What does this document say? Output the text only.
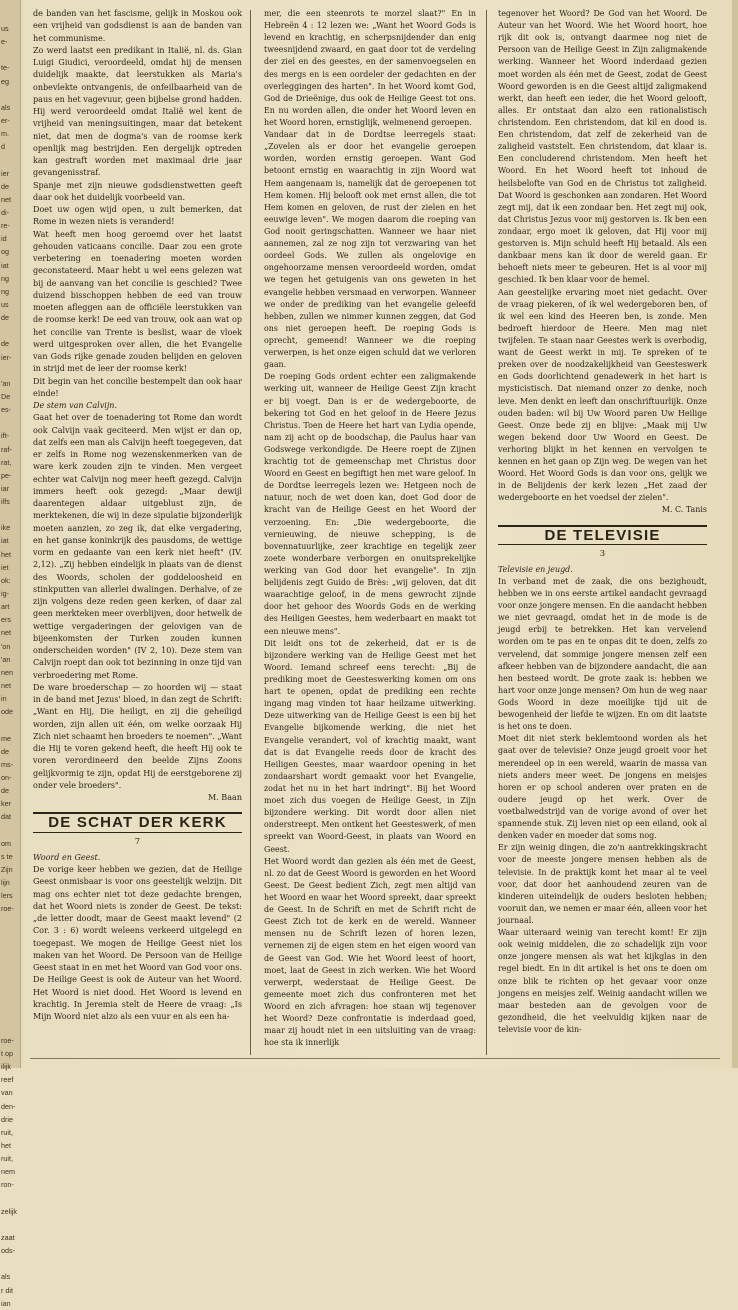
us
e-
te-
eg
als
er-
m.
d
ier
de
net
di-
re-
id
og
iat
ng
ng
us
de
de
ier-
'an
De
es-
ift-
raf-
rat,
pe-
iar
ilfs
ike
iat
het
iet
ok:
ig-
art
ers
net
'on
'an
nen
net
in
ode
me
de
ms-
on-
de
ker
dat
om
s te
Zijn
lijn
lers
roe-
roe-
t op
ilijk
reef
van
den-
drie
ruit,
het
ruit,
nem
ron-
zelijk
zaat
ods-
als
r dit
ian

de banden van het fascisme, gelijk in Moskou ook een vrijheid van godsdienst is aan de banden van het communisme.

Zo werd laatst een predikant in Italië, nl. ds. Gian Luigi Giudici, veroordeeld, omdat hij de mensen duidelijk maakte, dat leerstukken als Maria's onbevlekte ontvangenis, de onfeilbaarheid van de paus en het vagevuur, geen bijbelse grond hadden. Hij werd veroordeeld omdat Italië wel kent de vrijheid van meningsuitingen, maar dat betekent niet, dat men de dogma's van de roomse kerk openlijk mag bestrijden. Een dergelijk optreden kan gestraft worden met maximaal drie jaar gevangenisstraf.

Spanje met zijn nieuwe godsdienstwetten geeft daar ook het duidelijk voorbeeld van.

Doet uw ogen wijd open, u zult bemerken, dat Rome in wezen niets is veranderd!

Wat heeft men hoog geroemd over het laatst gehouden vaticaans concilie. Daar zou een grote verbetering en toenadering moeten worden geconstateerd. Maar hebt u wel eens gelezen wat bij de aanvang van het concilie is geschied? Twee duizend bisschoppen hebben de eed van trouw moeten afleggen aan de officiële leerstukken van de roomse kerk! De eed van trouw, ook aan wat op het concilie van Trente is beslist, waar de vloek werd uitgesproken over allen, die het Evangelie van Gods rijke genade zouden belijden en geloven in strijd met de leer der roomse kerk!

Dit begin van het concilie bestempelt dan ook haar einde!

De stem van Calvijn.

Gaat het over de toenadering tot Rome dan wordt ook Calvijn vaak geciteerd. Men wijst er dan op, dat zelfs een man als Calvijn heeft toegegeven, dat er zelfs in Rome nog wezenskenmerken van de ware kerk zouden zijn te vinden. Men vergeet echter wat Calvijn nog meer heeft gezegd. Calvijn immers heeft ook gezegd: „Maar dewijl daarentegen aldaar uitgeblust zijn, de merktekenen, die wij in deze sipulatie bijzonderlijk moeten aanzien, zo zeg ik, dat elke vergadering, en het ganse koninkrijk des pausdoms, de wettige vorm en gedaante van een kerk niet heeft" (IV. 2,12). „Zij hebben eindelijk in plaats van de dienst des Woords, scholen der goddeloosheid en stinkputten van allerlei dwalingen. Derhalve, of ze zijn volgens deze reden geen kerken, of daar zal geen merkteken meer overblijven, door hetwelk de wettige vergaderingen der gelovigen van de bijeenkomsten der Turken zouden kunnen onderscheiden worden" (IV 2, 10). Deze stem van Calvijn roept dan ook tot bezinning in onze tijd van verbroedering met Rome.

De ware broederschap — zo hoorden wij — staat in de band met Jezus' bloed, in dan zegt de Schrift: „Want en Hij, Die heiligt, en zij die geheiligd worden, zijn allen uit één, om welke oorzaak Hij Zich niet schaamt hen broeders te noemen". „Want die Hij te voren gekend heeft, die heeft Hij ook te voren verordineerd den beelde Zijns Zoons gelijkvormig te zijn, opdat Hij de eerstgeborene zij onder vele broeders".

M. Baan

DE SCHAT DER KERK
7

Woord en Geest.

De vorige keer hebben we gezien, dat de Heilige Geest onmisbaar is voor ons geestelijk welzijn. Dit mag ons echter niet tot deze gedachte brengen, dat het Woord niets is zonder de Geest. De tekst: „de letter doodt, maar de Geest maakt levend" (2 Cor. 3 : 6) wordt weleens verkeerd uitgelegd en toegepast. We mogen de Heilige Geest niet los maken van het Woord. De Persoon van de Heilige Geest staat in en met het Woord van God voor ons. De Heilige Geest is ook de Auteur van het Woord. Het Woord is niet dood. Het Woord is levend en krachtig. In Jeremia stelt de Heere de vraag: „Is Mijn Woord niet alzo als een vuur en als een ha-

mer, die een steenrots te morzel slaat?" En in Hebreën 4 : 12 lezen we: „Want het Woord Gods is levend en krachtig, en scherpsnijdender dan enig tweesnijdend zwaard, en gaat door tot de verdeling der ziel en des geestes, en der samenvoegselen en des mergs en is een oordeler der gedachten en der overleggingen des harten". In het Woord komt God, God de Drieënige, dus ook de Heilige Geest tot ons. En nu worden allen, die onder het Woord leven en het Woord horen, ernstiglijk, welmenend geroepen.

Vandaar dat in de Dordtse leerregels staat: „Zovelen als er door het evangelie geroepen worden, worden ernstig geroepen. Want God betoont ernstig en waarachtig in zijn Woord wat Hem aangenaam is, namelijk dat de geroepenen tot Hem komen. Hij belooft ook met ernst allen, die tot Hem komen en geloven, de rust der zielen en het eeuwige leven". We mogen daarom die roeping van God nooit geringschatten. Wanneer we haar niet aannemen, zal ze nog zijn tot verzwaring van het oordeel Gods. We zullen als ongelovige en ongehoorzame mensen veroordeeld worden, omdat we tegen het getuigenis van ons geweten in het evangelie hebben versmaad en verworpen. Wanneer we onder de prediking van het evangelie geleefd hebben, zullen we nimmer kunnen zeggen, dat God ons niet geroepen heeft. De roeping Gods is oprecht, gemeend! Wanneer we die roeping verwerpen, is het onze eigen schuld dat we verloren gaan.

De roeping Gods ordent echter een zaligmakende werking uit, wanneer de Heilige Geest Zijn kracht er bij voegt. Dan is er de wedergeboorte, de bekering tot God en het geloof in de Heere Jezus Christus. Toen de Heere het hart van Lydia opende, nam zij acht op de boodschap, die Paulus haar van Godswege verkondigde. De Heere roept de Zijnen krachtig tot de gemeenschap met Christus door Woord en Geest en begiftigt hen met ware geloof. In de Dordtse leerregels lezen we: Hetgeen noch de natuur, noch de wet doen kan, doet God door de kracht van de Heilige Geest en het Woord der verzoening. En: „Die wedergeboorte, die vernieuwing, de nieuwe schepping, is de bovennatuurlijke, zeer krachtige en tegelijk zeer zoete wonderbare verborgen en onuitsprekelijke werking van God door het evangelie". In zijn belijdenis zegt Guido de Brès: „wij geloven, dat dit waarachtige geloof, in de mens gewrocht zijnde door het gehoor des Woords Gods en de werking des Heiligen Geestes, hem wederbaart en maakt tot een nieuwe mens".

Dit leidt ons tot de zekerheid, dat er is de bijzondere werking van de Heilige Geest met het Woord. Iemand schreef eens terecht: „Bij de prediking moet de Geesteswerking komen om ons hart te openen, opdat de prediking een rechte ingang mag vinden tot haar heilzame uitwerking. Deze uitwerking van de Heilige Geest is een bij het Evangelie bijkomende werking, die niet het Evangelie verandert, vol of krachtig maakt, want dat is dat Evangelie reeds door de kracht des Heiligen Geestes, maar waardoor opening in het zondaarshart wordt gemaakt voor het Evangelie, zodat het nu in het hart indringt". Bij het Woord moet zich dus voegen de Heilige Geest, in Zijn bijzondere werking. Dit wordt door allen niet onderstreept. Men ontkent het Geesteswerk, of men spreekt van Woord-Geest, in plaats van Woord en Geest.

Het Woord wordt dan gezien als één met de Geest, nl. zo dat de Geest Woord is geworden en het Woord Geest. De Geest bedient Zich, zegt men altijd van het Woord en waar het Woord spreekt, daar spreekt de Geest. In de Schrift en met de Schrift richt de Geest Zich tot de kerk en de wereld. Wanneer mensen nu de Schrift lezen of horen lezen, vernemen zij de eigen stem en het eigen woord van de Geest van God. Wie het Woord leest of hoort, moet, laat de Geest in zich werken. Wie het Woord verwerpt, wederstaat de Heilige Geest. De gemeente moet zich dus confronteren met het Woord en zich afvragen: hoe staan wij tegenover het Woord? Deze confrontatie is inderdaad goed, maar zij houdt niet in een uitsluiting van de vraag: hoe sta ik innerlijk

tegenover het Woord? De God van het Woord. De Auteur van het Woord. Wie het Woord hoort, hoe rijk dit ook is, ontvangt daarmee nog niet de Persoon van de Heilige Geest in Zijn zaligmakende werking. Wanneer het Woord inderdaad gezien moet worden als één met de Geest, zodat de Geest Woord geworden is en die Geest altijd zaligmakend werkt, dan heeft een ieder, die het Woord gelooft, alles. Er ontstaat dan alzo een rationalistisch christendom. Een christendom, dat kil en dood is. Een christendom, dat zelf de zekerheid van de zaligheid vaststelt. Een christendom, dat klaar is. Een concluderend christendom. Men heeft het Woord. En het Woord heeft tot inhoud de heilsbelofte van God en de Christus tot zaligheid. Dat Woord is geschonken aan zondaren. Het Woord zegt mij, dat ik een zondaar ben. Het zegt mij ook, dat Christus Jezus voor mij gestorven is. Ik ben een zondaar, ergo moet ik geloven, dat Hij voor mij gestorven is. Mijn schuld heeft Hij betaald. Als een dankbaar mens kan ik door de wereld gaan. Er behoeft niets meer te gebeuren. Het is al voor mij geschied. Ik ben klaar voor de hemel.

Aan geestelijke ervaring moet niet gedacht. Over de vraag piekeren, of ik wel wedergeboren ben, of ik wel een kind des Heeren ben, is zonde. Men bedroeft hierdoor de Heere. Men mag niet twijfelen. Te staan naar Geestes werk is overbodig, want de Geest werkt in mij. Te spreken of te preken over de noodzakelijkheid van Geesteswerk en Gods doorlichtend genadewerk in het hart is mysticistisch. Dat niemand onzer zo denke, noch leve. Men denkt en leeft dan onschriftuurlijk. Onze ouden baden: wil bij Uw Woord paren Uw Heilige Geest. Onze bede zij en blijve: „Maak mij Uw wegen bekend door Uw Woord en Geest. De verhoring blijkt in het kennen en vervolgen te kennen en het gaan op Zijn weg. De wegen van het Woord. Het Woord Gods is dan voor ons, gelijk we in de Belijdenis der kerk lezen „Het zaad der wedergeboorte en het voedsel der zielen".

M. C. Tanis

DE TELEVISIE
3

Televisie en jeugd.

In verband met de zaak, die ons bezighoudt, hebben we in ons eerste artikel aandacht gevraagd voor onze jongere mensen. En die aandacht hebben we niet gevraagd, omdat het in de mode is de jeugd erbij te betrekken. Het kan vervelend worden om te pas en te onpas dit te doen, zelfs zo vervelend, dat sommige jongere mensen zelf een afkeer hebben van de bijzondere aandacht, die aan hen besteed wordt. De grote zaak is: hebben we hart voor onze jonge mensen? Om hun de weg naar Gods Woord in deze moeilijke tijd uit de bewogenheid der liefde te wijzen. En om dit laatste is het ons te doen.

Moet dit niet sterk beklemtoond worden als het gaat over de televisie? Onze jeugd groeit voor het merendeel op in een wereld, waarin de massa van niets anders meer weet. De jongens en meisjes horen er op school anderen over praten en de oudere jeugd op het werk. Over de voetbalwedstrijd van de vorige avond of over het spannende stuk. Zij leven niet op een eiland, ook al denken vader en moeder dat soms nog.

Er zijn weinig dingen, die zo'n aantrekkingskracht voor de meeste jongere mensen hebben als de televisie. In de praktijk komt het maar al te veel voor, dat door het aanhoudend zeuren van de kinderen uiteindelijk de ouders besloten hebben; vooruit dan, we nemen er maar één, alleen voor het journaal.

Waar uiteraard weinig van terecht komt! Er zijn ook weinig middelen, die zo schadelijk zijn voor onze jongere mensen als wat het kijkglas in den regel biedt. En in dit artikel is het ons te doen om onze blik te richten op het gevaar voor onze jongens en meisjes zelf. Weinig aandacht willen we maar besteden aan de gevolgen voor de gezondheid, die het veelvuldig kijken naar de televisie voor de kin-
